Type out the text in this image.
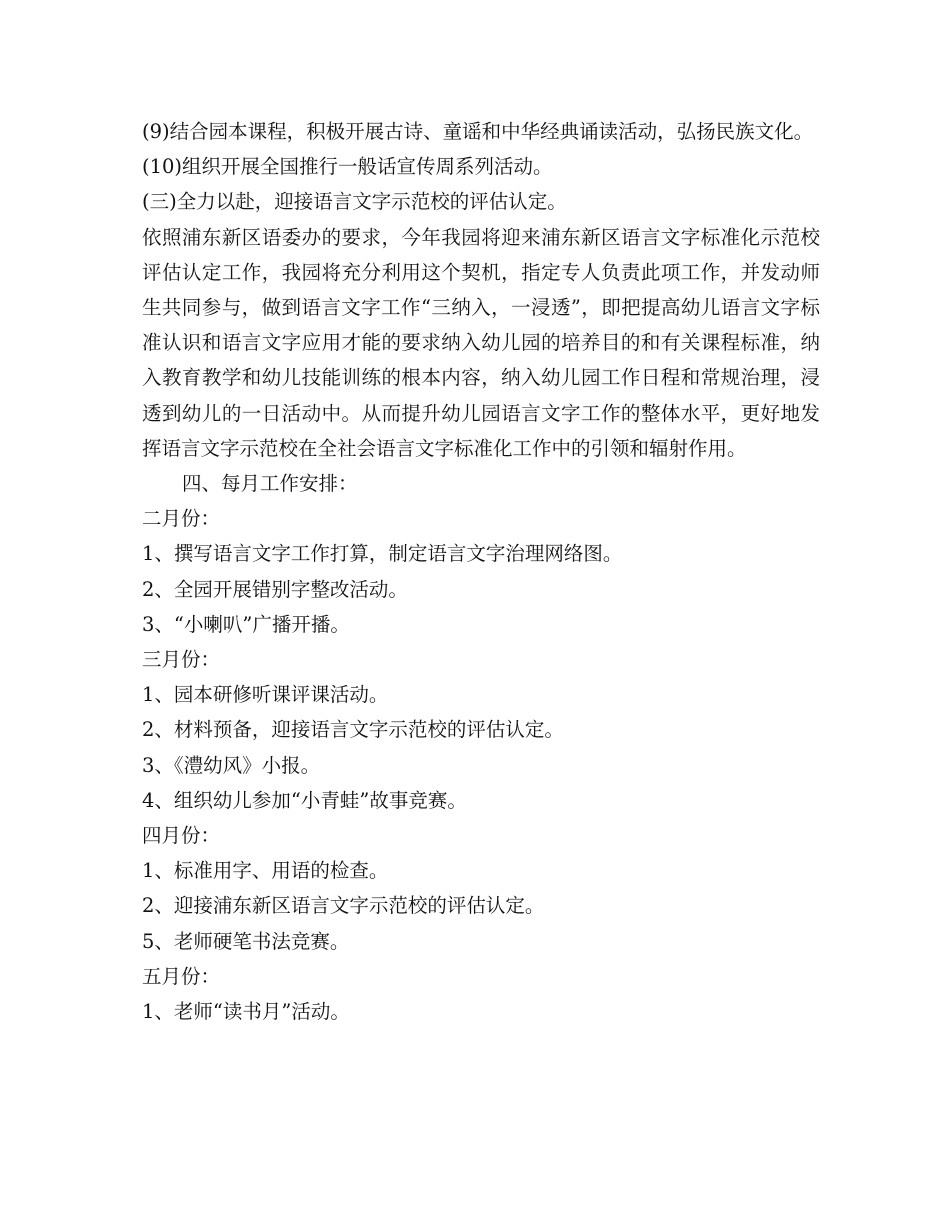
(9)结合园本课程，积极开展古诗、童谣和中华经典诵读活动，弘扬民族文化。

(10)组织开展全国推行一般话宣传周系列活动。

(三)全力以赴，迎接语言文字示范校的评估认定。

依照浦东新区语委办的要求，今年我园将迎来浦东新区语言文字标准化示范校评估认定工作，我园将充分利用这个契机，指定专人负责此项工作，并发动师生共同参与，做到语言文字工作“三纳入，一浸透”，即把提高幼儿语言文字标准认识和语言文字应用才能的要求纳入幼儿园的培养目的和有关课程标准，纳入教育教学和幼儿技能训练的根本内容，纳入幼儿园工作日程和常规治理，浸透到幼儿的一日活动中。从而提升幼儿园语言文字工作的整体水平，更好地发挥语言文字示范校在全社会语言文字标准化工作中的引领和辐射作用。

四、每月工作安排：

二月份：

1、撰写语言文字工作打算，制定语言文字治理网络图。

2、全园开展错别字整改活动。

3、“小喇叭”广播开播。

三月份：

1、园本研修听课评课活动。

2、材料预备，迎接语言文字示范校的评估认定。

3、《澧幼风》小报。

4、组织幼儿参加“小青蛙”故事竞赛。

四月份：

1、标准用字、用语的检查。

2、迎接浦东新区语言文字示范校的评估认定。

5、老师硬笔书法竞赛。

五月份：

1、老师“读书月”活动。
